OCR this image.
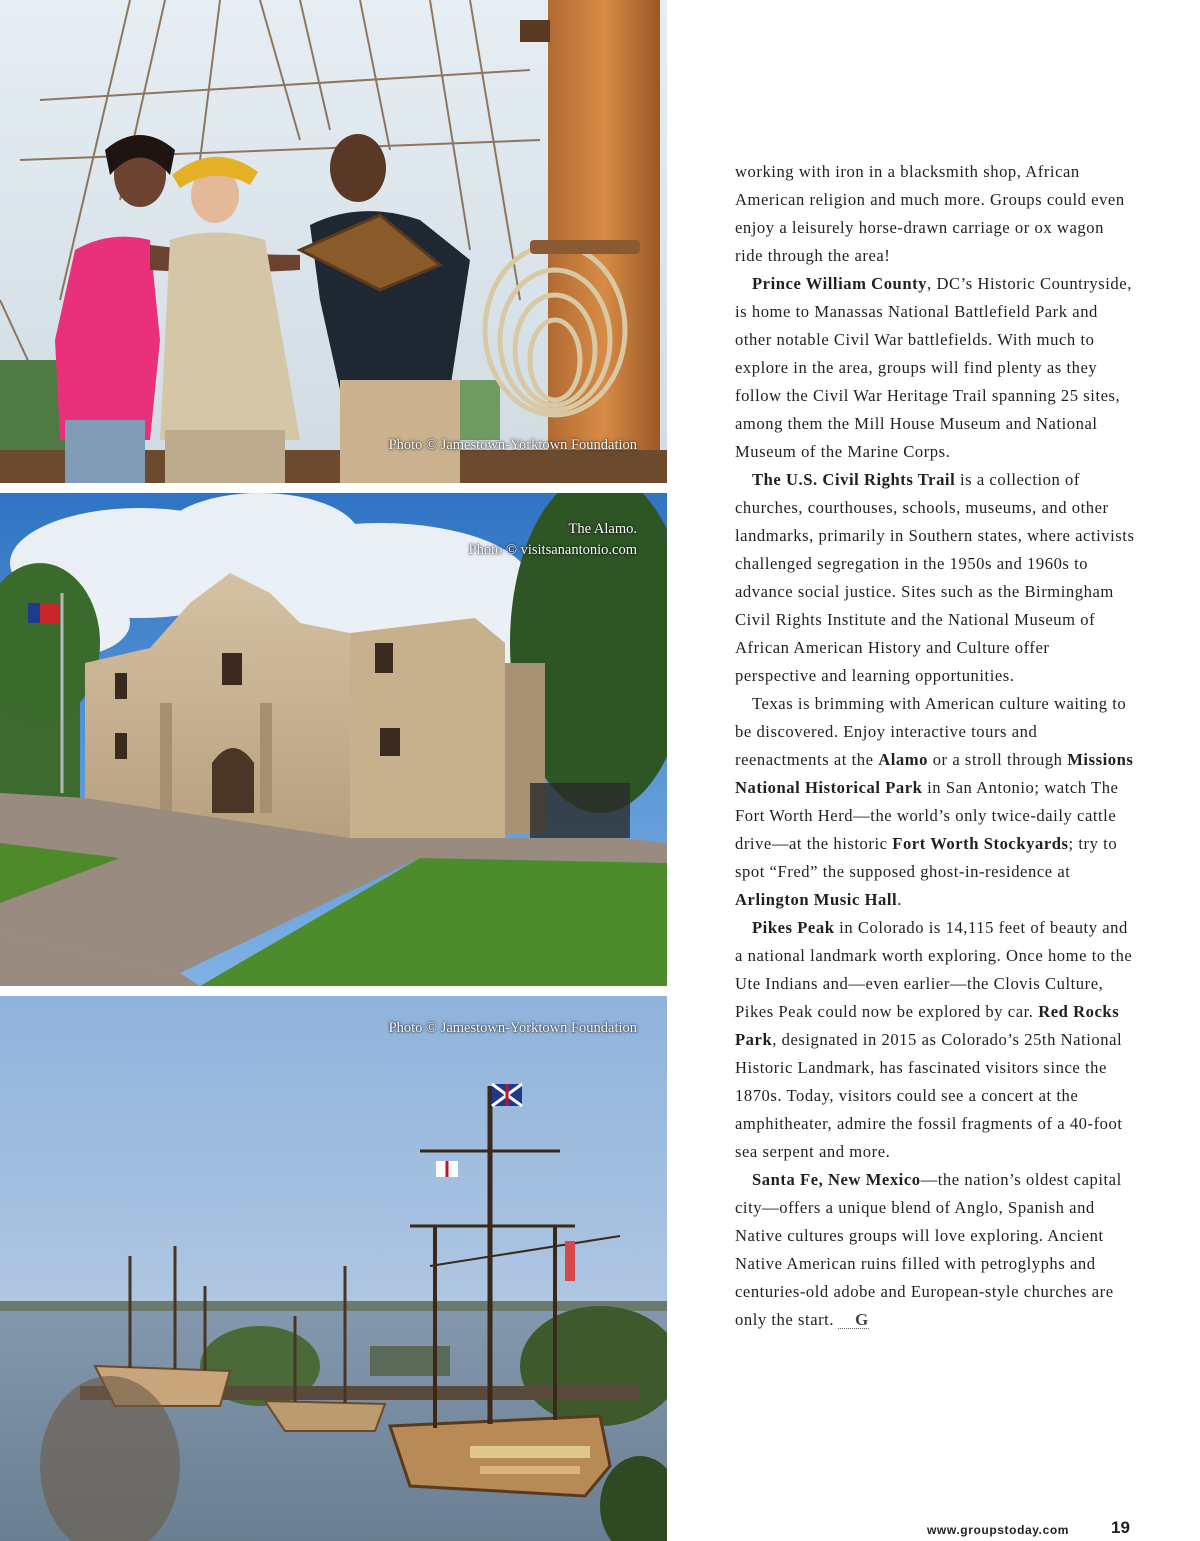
Photo © Jamestown-Yorktown Foundation
The Alamo.
Photo © visitsanantonio.com
Photo © Jamestown-Yorktown Foundation

working with iron in a blacksmith shop, African American religion and much more. Groups could even enjoy a leisurely horse-drawn carriage or ox wagon ride through the area!

Prince William County, DC’s Historic Countryside, is home to Manassas National Battlefield Park and other notable Civil War battlefields. With much to explore in the area, groups will find plenty as they follow the Civil War Heritage Trail spanning 25 sites, among them the Mill House Museum and National Museum of the Marine Corps.

The U.S. Civil Rights Trail is a collection of churches, courthouses, schools, museums, and other landmarks, primarily in Southern states, where activists challenged segregation in the 1950s and 1960s to advance social justice. Sites such as the Birmingham Civil Rights Institute and the National Museum of African American History and Culture offer perspective and learning opportunities.

Texas is brimming with American culture waiting to be discovered. Enjoy interactive tours and reenactments at the Alamo or a stroll through Missions National Historical Park in San Antonio; watch The Fort Worth Herd—the world’s only twice-daily cattle drive—at the historic Fort Worth Stockyards; try to spot “Fred” the supposed ghost-in-residence at Arlington Music Hall.

Pikes Peak in Colorado is 14,115 feet of beauty and a national landmark worth exploring. Once home to the Ute Indians and—even earlier—the Clovis Culture, Pikes Peak could now be explored by car. Red Rocks Park, designated in 2015 as Colorado’s 25th National Historic Landmark, has fascinated visitors since the 1870s. Today, visitors could see a concert at the amphitheater, admire the fossil fragments of a 40-foot sea serpent and more.

Santa Fe, New Mexico—the nation’s oldest capital city—offers a unique blend of Anglo, Spanish and Native cultures groups will love exploring. Ancient Native American ruins filled with petroglyphs and centuries-old adobe and European-style churches are only the start. G

www.groupstoday.com 19
